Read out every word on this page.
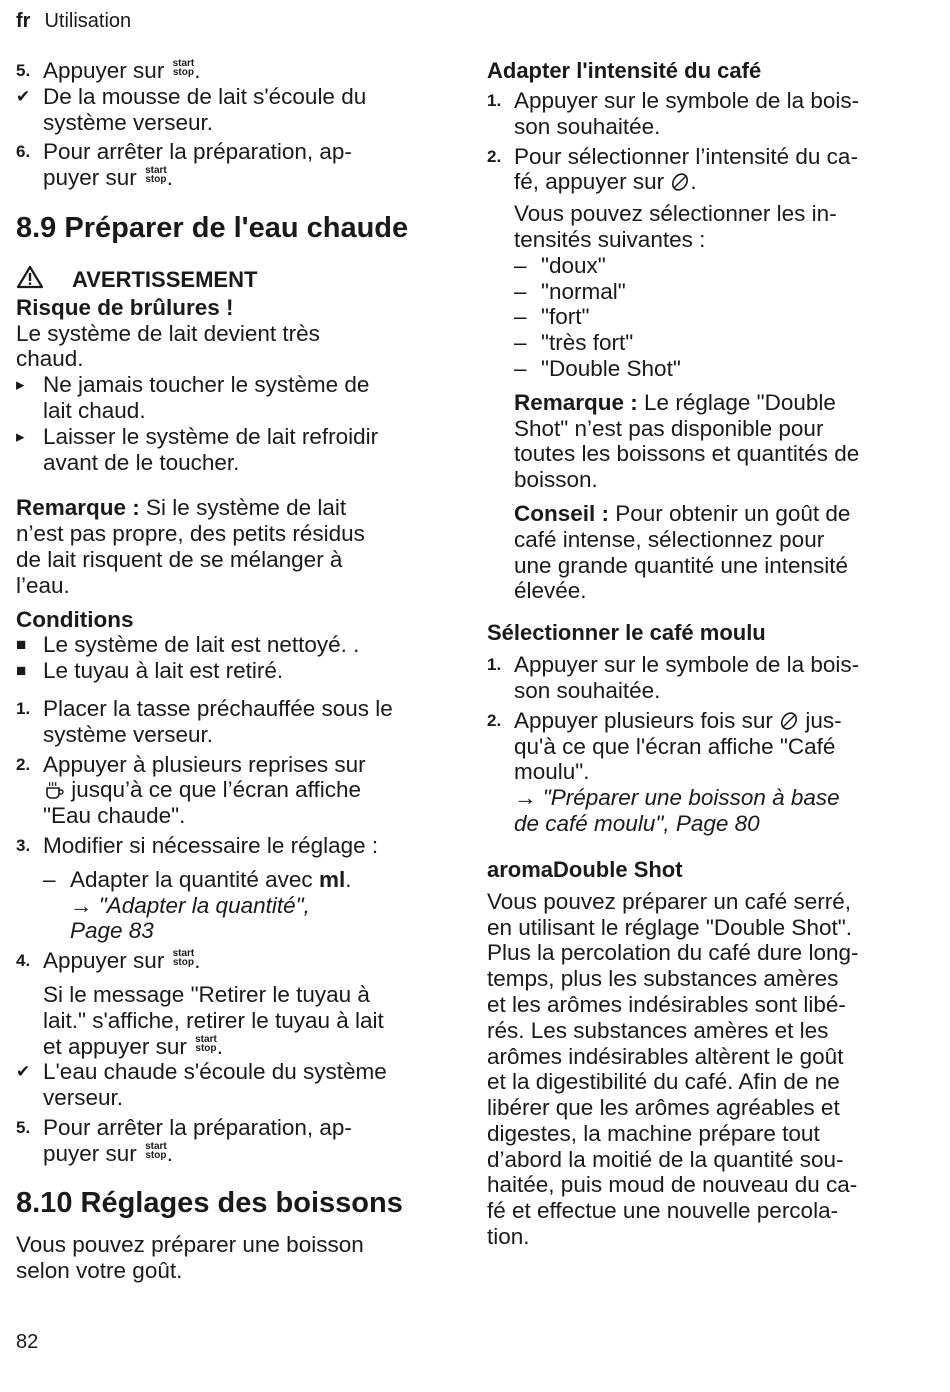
fr Utilisation
5. Appuyer sur start
stop.
✔ De la mousse de lait s'écoule du
système verseur.
6. Pour arrêter la préparation, ap-
puyer sur start
stop.
8.9 Préparer de l'eau chaude
AVERTISSEMENT
Risque de brûlures !
Le système de lait devient très
chaud.
▸ Ne jamais toucher le système de
lait chaud.
▸ Laisser le système de lait refroidir
avant de le toucher.
Remarque : Si le système de lait
n’est pas propre, des petits résidus
de lait risquent de se mélanger à
l’eau.
Conditions
■ Le système de lait est nettoyé. .
■ Le tuyau à lait est retiré.
1. Placer la tasse préchauffée sous le
système verseur.
2. Appuyer à plusieurs reprises sur
jusqu’à ce que l’écran affiche
"Eau chaude".
3. Modifier si nécessaire le réglage :
– Adapter la quantité avec ml.
→ "Adapter la quantité",
Page 83
4. Appuyer sur start
stop.
Si le message "Retirer le tuyau à
lait." s'affiche, retirer le tuyau à lait
et appuyer sur start
stop.
✔ L'eau chaude s'écoule du système
verseur.
5. Pour arrêter la préparation, ap-
puyer sur start
stop.
8.10 Réglages des boissons
Vous pouvez préparer une boisson
selon votre goût.
Adapter l'intensité du café
1. Appuyer sur le symbole de la bois-
son souhaitée.
2. Pour sélectionner l’intensité du ca-
fé, appuyer sur .
Vous pouvez sélectionner les in-
tensités suivantes :
– "doux"
– "normal"
– "fort"
– "très fort"
– "Double Shot"
Remarque : Le réglage "Double
Shot" n’est pas disponible pour
toutes les boissons et quantités de
boisson.
Conseil : Pour obtenir un goût de
café intense, sélectionnez pour
une grande quantité une intensité
élevée.
Sélectionner le café moulu
1. Appuyer sur le symbole de la bois-
son souhaitée.
2. Appuyer plusieurs fois sur  jus-
qu'à ce que l'écran affiche "Café
moulu".
→ "Préparer une boisson à base
de café moulu", Page 80
aromaDouble Shot
Vous pouvez préparer un café serré,
en utilisant le réglage "Double Shot".
Plus la percolation du café dure long-
temps, plus les substances amères
et les arômes indésirables sont libé-
rés. Les substances amères et les
arômes indésirables altèrent le goût
et la digestibilité du café. Afin de ne
libérer que les arômes agréables et
digestes, la machine prépare tout
d’abord la moitié de la quantité sou-
haitée, puis moud de nouveau du ca-
fé et effectue une nouvelle percola-
tion.
82
